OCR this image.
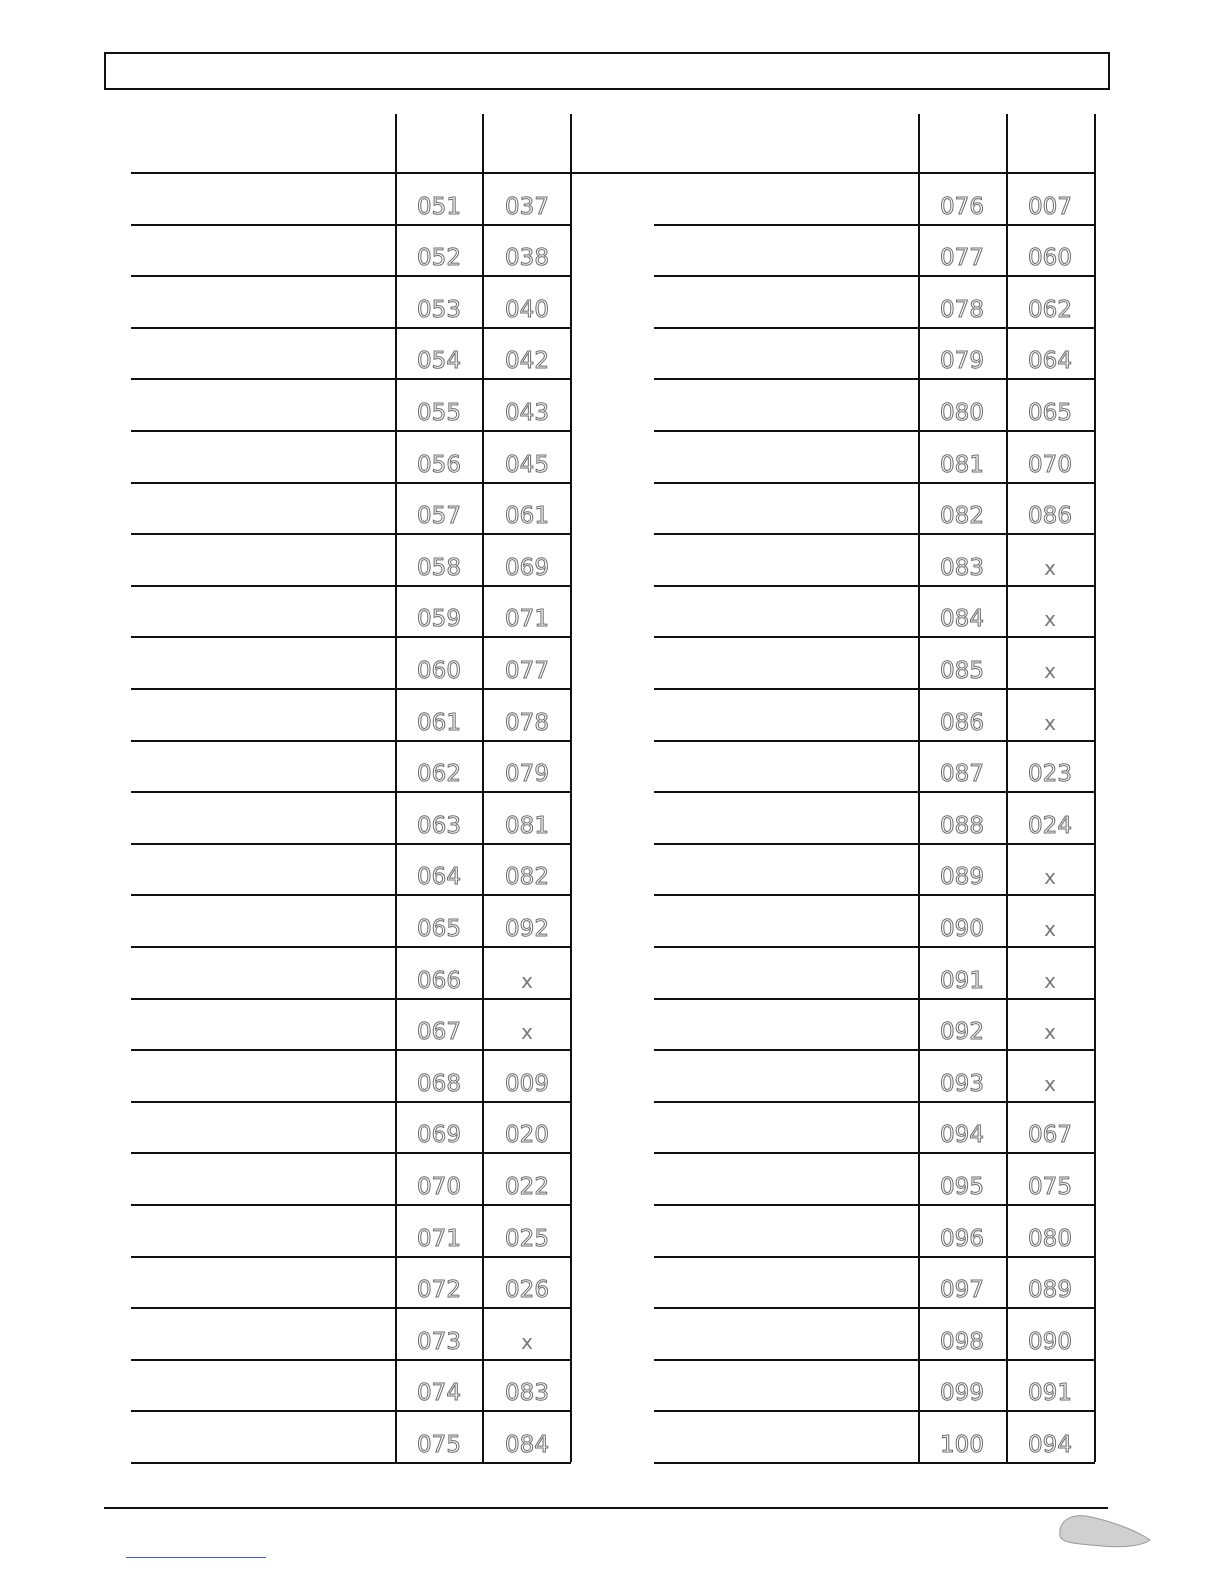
051	037
052	038
053	040
054	042
055	043
056	045
057	061
058	069
059	071
060	077
061	078
062	079
063	081
064	082
065	092
066	x
067	x
068	009
069	020
070	022
071	025
072	026
073	x
074	083
075	084
076	007
077	060
078	062
079	064
080	065
081	070
082	086
083	x
084	x
085	x
086	x
087	023
088	024
089	x
090	x
091	x
092	x
093	x
094	067
095	075
096	080
097	089
098	090
099	091
100	094
